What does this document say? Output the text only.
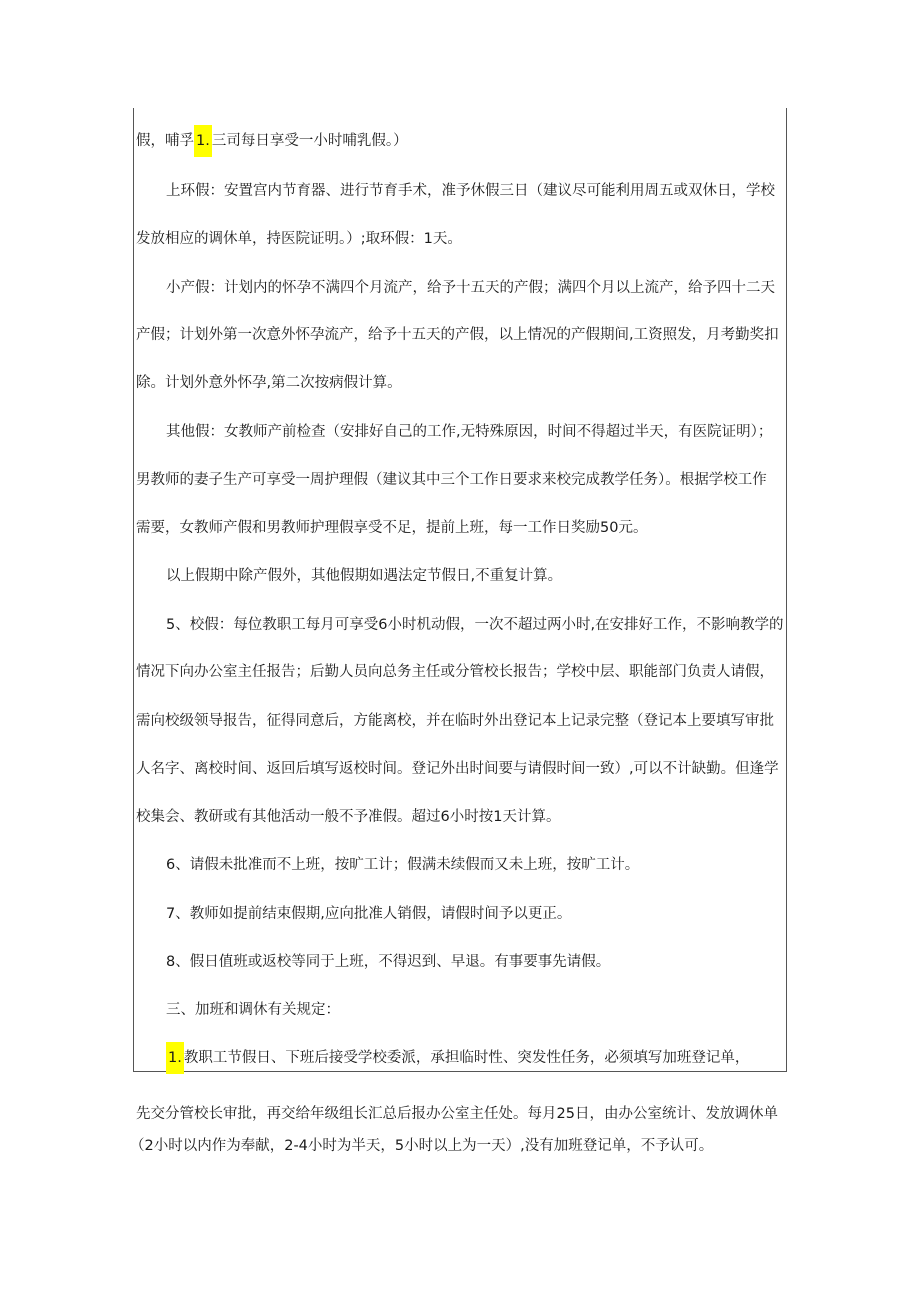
假，哺孚 1. 三司每日享受一小时哺乳假。）
上环假：安置宫内节育器、进行节育手术，准予休假三日（建议尽可能利用周五或双休日，学校
发放相应的调休单，持医院证明。）;取环假：1天。
小产假：计划内的怀孕不满四个月流产，给予十五天的产假；满四个月以上流产，给予四十二天
产假；计划外第一次意外怀孕流产，给予十五天的产假，以上情况的产假期间,工资照发，月考勤奖扣
除。计划外意外怀孕,第二次按病假计算。
其他假：女教师产前检查（安排好自己的工作,无特殊原因，时间不得超过半天，有医院证明）；
男教师的妻子生产可享受一周护理假（建议其中三个工作日要求来校完成教学任务）。根据学校工作
需要，女教师产假和男教师护理假享受不足，提前上班，每一工作日奖励50元。
以上假期中除产假外，其他假期如遇法定节假日,不重复计算。
5、校假：每位教职工每月可享受6小时机动假，一次不超过两小时,在安排好工作，不影响教学的
情况下向办公室主任报告；后勤人员向总务主任或分管校长报告；学校中层、职能部门负责人请假，
需向校级领导报告，征得同意后，方能离校，并在临时外出登记本上记录完整（登记本上要填写审批
人名字、离校时间、返回后填写返校时间。登记外出时间要与请假时间一致）,可以不计缺勤。但逢学
校集会、教研或有其他活动一般不予准假。超过6小时按1天计算。
6、请假未批准而不上班，按旷工计；假满未续假而又未上班，按旷工计。
7、教师如提前结束假期,应向批准人销假，请假时间予以更正。
8、假日值班或返校等同于上班，不得迟到、早退。有事要事先请假。
三、加班和调休有关规定：
1. 教职工节假日、下班后接受学校委派，承担临时性、突发性任务，必须填写加班登记单，
先交分管校长审批，再交给年级组长汇总后报办公室主任处。每月25日，由办公室统计、发放调休单
（2小时以内作为奉献，2-4小时为半天，5小时以上为一天）,没有加班登记单，不予认可。
